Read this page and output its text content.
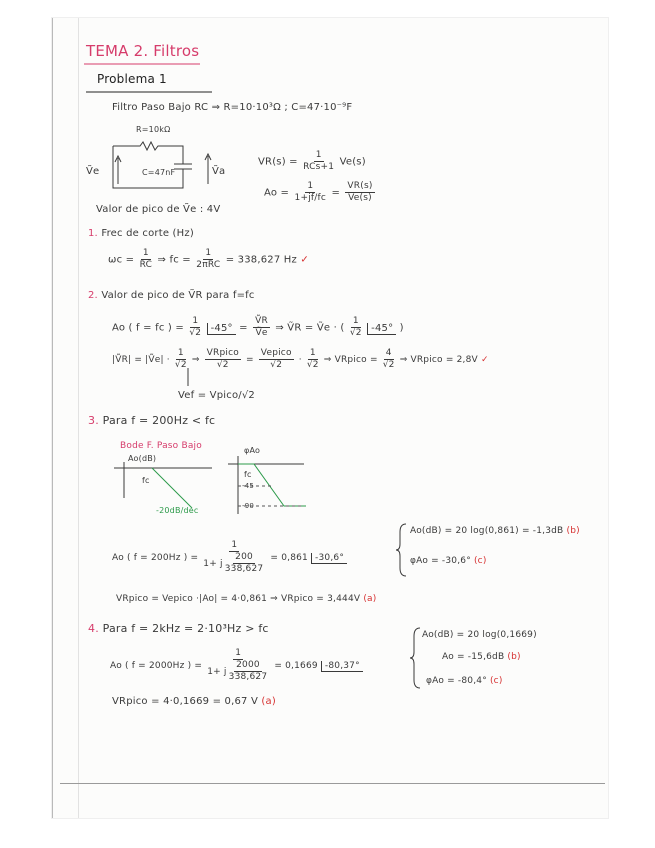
TEMA 2. Filtros
Problema 1
Filtro Paso Bajo RC ⇒ R=10·10³Ω ; C=47·10⁻⁹F
R=10kΩ
Ṽe	C=47nF	Ṽa
$VR(s) = \frac{1}{\text{RCs+1}} Ve(s)$
$Ao = \frac{1}{1+jf/fc} = \frac{VR(s)}{Ve(s)}$
Valor de pico de Ṽe : 4V
1. Frec de corte (Hz)
$\omega c = \frac{1}{RC}$ ⇒ fc = $\frac{1}{\text{2πRC}} = 338,627$ Hz ✓
2. Valor de pico de ṼR para f=fc
Ao ( f = fc ) = $\frac{1}{√2} -45^\circ = \frac{\text{ṼR}}{\text{Ṽe}}$ ⇒ ṼR = Ṽe · ( $\frac{1}{√2} -45^\circ$ )
|ṼR| = |Ṽe| · $\frac{1}{√2}$ ⇒ $\frac{\text{VRpico}}{√2} = \frac{\text{Vepico}}{√2} \cdot \frac{1}{√2}$ ⇒ VRpico = $\frac{4}{√2}$ ⇒ VRpico = 2,8V ✓
Vef = Vpico/√2
3. Para f = 200Hz < fc
Bode F. Paso Bajo
Ao(dB)
fc
-20dB/dec
φAo
fc
-45
-90
Ao ( f = 200Hz ) = $\frac{1}{1+ j \frac{200}{338,627}} = 0,861$ -30,6°
Ao(dB) = 20 log(0,861) = -1,3dB (b)
φAo = -30,6° (c)
VRpico = Vepico ·|Ao| = 4·0,861 ⇒ VRpico = 3,444V (a)
4. Para f = 2kHz = 2·10³Hz > fc
Ao ( f = 2000Hz ) = $\frac{1}{1+ j \frac{2000}{338,627}} = 0,1669$ -80,37°
Ao(dB) = 20 log(0,1669)
Ao = -15,6dB (b)
φAo = -80,4° (c)
VRpico = 4·0,1669 = 0,67 V (a)
